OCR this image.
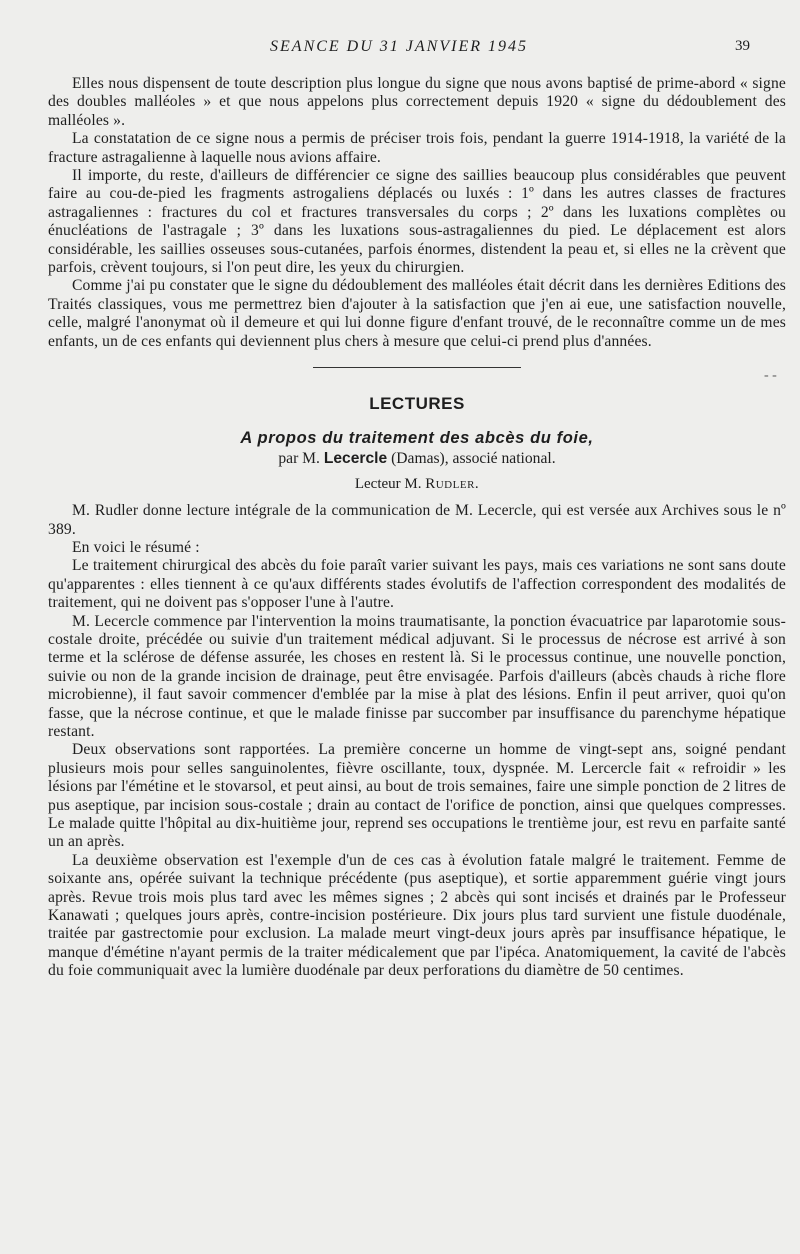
SEANCE DU 31 JANVIER 1945	39

Elles nous dispensent de toute description plus longue du signe que nous avons baptisé de prime-abord « signe des doubles malléoles » et que nous appelons plus correctement depuis 1920 « signe du dédoublement des malléoles ».

La constatation de ce signe nous a permis de préciser trois fois, pendant la guerre 1914-1918, la variété de la fracture astragalienne à laquelle nous avions affaire.

Il importe, du reste, d'ailleurs de différencier ce signe des saillies beaucoup plus considérables que peuvent faire au cou-de-pied les fragments astrogaliens déplacés ou luxés : 1º dans les autres classes de fractures astragaliennes : fractures du col et fractures transversales du corps ; 2º dans les luxations complètes ou énucléations de l'astragale ; 3º dans les luxations sous-astragaliennes du pied. Le déplacement est alors considérable, les saillies osseuses sous-cutanées, parfois énormes, distendent la peau et, si elles ne la crèvent que parfois, crèvent toujours, si l'on peut dire, les yeux du chirurgien.

Comme j'ai pu constater que le signe du dédoublement des malléoles était décrit dans les dernières Editions des Traités classiques, vous me permettrez bien d'ajouter à la satisfaction que j'en ai eue, une satisfaction nouvelle, celle, malgré l'anonymat où il demeure et qui lui donne figure d'enfant trouvé, de le reconnaître comme un de mes enfants, un de ces enfants qui deviennent plus chers à mesure que celui-ci prend plus d'années.

LECTURES
A propos du traitement des abcès du foie,
par M. Lecercle (Damas), associé national.
Lecteur M. Rudler.

M. Rudler donne lecture intégrale de la communication de M. Lecercle, qui est versée aux Archives sous le nº 389.

En voici le résumé :

Le traitement chirurgical des abcès du foie paraît varier suivant les pays, mais ces variations ne sont sans doute qu'apparentes : elles tiennent à ce qu'aux différents stades évolutifs de l'affection correspondent des modalités de traitement, qui ne doivent pas s'opposer l'une à l'autre.

M. Lecercle commence par l'intervention la moins traumatisante, la ponction évacuatrice par laparotomie sous-costale droite, précédée ou suivie d'un traitement médical adjuvant. Si le processus de nécrose est arrivé à son terme et la sclérose de défense assurée, les choses en restent là. Si le processus continue, une nouvelle ponction, suivie ou non de la grande incision de drainage, peut être envisagée. Parfois d'ailleurs (abcès chauds à riche flore microbienne), il faut savoir commencer d'emblée par la mise à plat des lésions. Enfin il peut arriver, quoi qu'on fasse, que la nécrose continue, et que le malade finisse par succomber par insuffisance du parenchyme hépatique restant.

Deux observations sont rapportées. La première concerne un homme de vingt-sept ans, soigné pendant plusieurs mois pour selles sanguinolentes, fièvre oscillante, toux, dyspnée. M. Lercercle fait « refroidir » les lésions par l'émétine et le stovarsol, et peut ainsi, au bout de trois semaines, faire une simple ponction de 2 litres de pus aseptique, par incision sous-costale ; drain au contact de l'orifice de ponction, ainsi que quelques compresses. Le malade quitte l'hôpital au dix-huitième jour, reprend ses occupations le trentième jour, est revu en parfaite santé un an après.

La deuxième observation est l'exemple d'un de ces cas à évolution fatale malgré le traitement. Femme de soixante ans, opérée suivant la technique précédente (pus aseptique), et sortie apparemment guérie vingt jours après. Revue trois mois plus tard avec les mêmes signes ; 2 abcès qui sont incisés et drainés par le Professeur Kanawati ; quelques jours après, contre-incision postérieure. Dix jours plus tard survient une fistule duodénale, traitée par gastrectomie pour exclusion. La malade meurt vingt-deux jours après par insuffisance hépatique, le manque d'émétine n'ayant permis de la traiter médicalement que par l'ipéca. Anatomiquement, la cavité de l'abcès du foie communiquait avec la lumière duodénale par deux perforations du diamètre de 50 centimes.

- -
